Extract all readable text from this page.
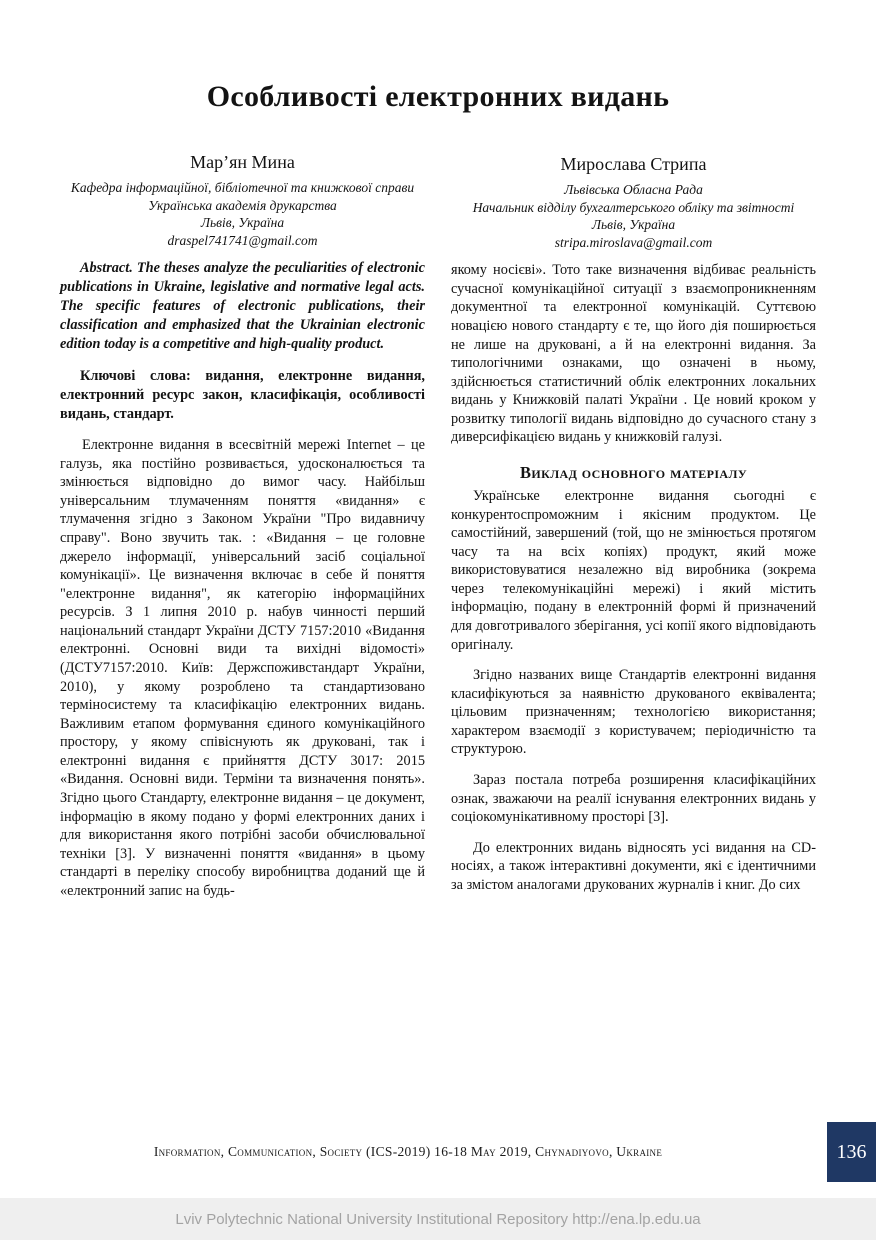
Особливості електронних видань
Мар’ян Мина
Кафедра інформаційної, бібліотечної та книжкової справи
Українська академія друкарства
Львів, Україна
draspel741741@gmail.com

Abstract. The theses analyze the peculiarities of electronic publications in Ukraine, legislative and normative legal acts. The specific features of electronic publications, their classification and emphasized that the Ukrainian electronic edition today is a competitive and high-quality product.

Ключові слова: видання, електронне видання, електронний ресурс закон, класифікація, особливості видань, стандарт.

Електронне видання в всесвітній мережі Internet – це галузь, яка постійно розвивається, удосконалюється та змінюється відповідно до вимог часу. Найбільш універсальним тлумаченням поняття «видання» є тлумачення згідно з Законом України "Про видавничу справу". Воно звучить так. : «Видання – це головне джерело інформації, універсальний засіб соціальної комунікації». Це визначення включає в себе й поняття "електронне видання", як категорію інформаційних ресурсів. З 1 липня 2010 р. набув чинності перший національний стандарт України ДСТУ 7157:2010 «Видання електронні. Основні види та вихідні відомості» (ДСТУ7157:2010. Київ: Держспоживстандарт України, 2010), у якому розроблено та стандартизовано терміносистему та класифікацію електронних видань. Важливим етапом формування єдиного комунікаційного простору, у якому співіснують як друковані, так і електронні видання є прийняття ДСТУ 3017: 2015 «Видання. Основні види. Терміни та визначення понять». Згідно цього Стандарту, електронне видання – це документ, інформацію в якому подано у формі електронних даних і для використання якого потрібні засоби обчислювальної техніки [3]. У визначенні поняття «видання» в цьому стандарті в переліку способу виробництва доданий ще й «електронний запис на будь-

Мирослава Стрипа
Львівська Обласна Рада
Начальник відділу бухгалтерського обліку та звітності
Львів, Україна
stripa.miroslava@gmail.com

якому носієві». Тото таке визначення відбиває реальність сучасної комунікаційної ситуації з взаємопроникненням документної та електронної комунікацій. Суттєвою новацією нового стандарту є те, що його дія поширюється не лише на друковані, а й на електронні видання. За типологічними ознаками, що означені в ньому, здійснюється статистичний облік електронних локальних видань у Книжковій палаті України . Це новий кроком у розвитку типології видань відповідно до сучасного стану з диверсифікацією видань у книжковій галузі.

Виклад основного матеріалу

Українське електронне видання сьогодні є конкурентоспроможним і якісним продуктом. Це самостійний, завершений (той, що не змінюється протягом часу та на всіх копіях) продукт, який може використовуватися незалежно від виробника (зокрема через телекомунікаційні мережі) і який містить інформацію, подану в електронній формі й призначений для довготривалого зберігання, усі копії якого відповідають оригіналу.

Згідно названих вище Стандартів електронні видання класифікуються за наявністю друкованого еквівалента; цільовим призначенням; технологією використання; характером взаємодії з користувачем; періодичністю та структурою.

Зараз постала потреба розширення класифікаційних ознак, зважаючи на реалії існування електронних видань у соціокомунікативному просторі [3].

До електронних видань відносять усі видання на CD-носіях, а також інтерактивні документи, які є ідентичними за змістом аналогами друкованих журналів і книг. До сих

Information, Communication, Society (ICS-2019) 16-18 May 2019, Chynadiyovo, Ukraine	136
Lviv Polytechnic National University Institutional Repository http://ena.lp.edu.ua
